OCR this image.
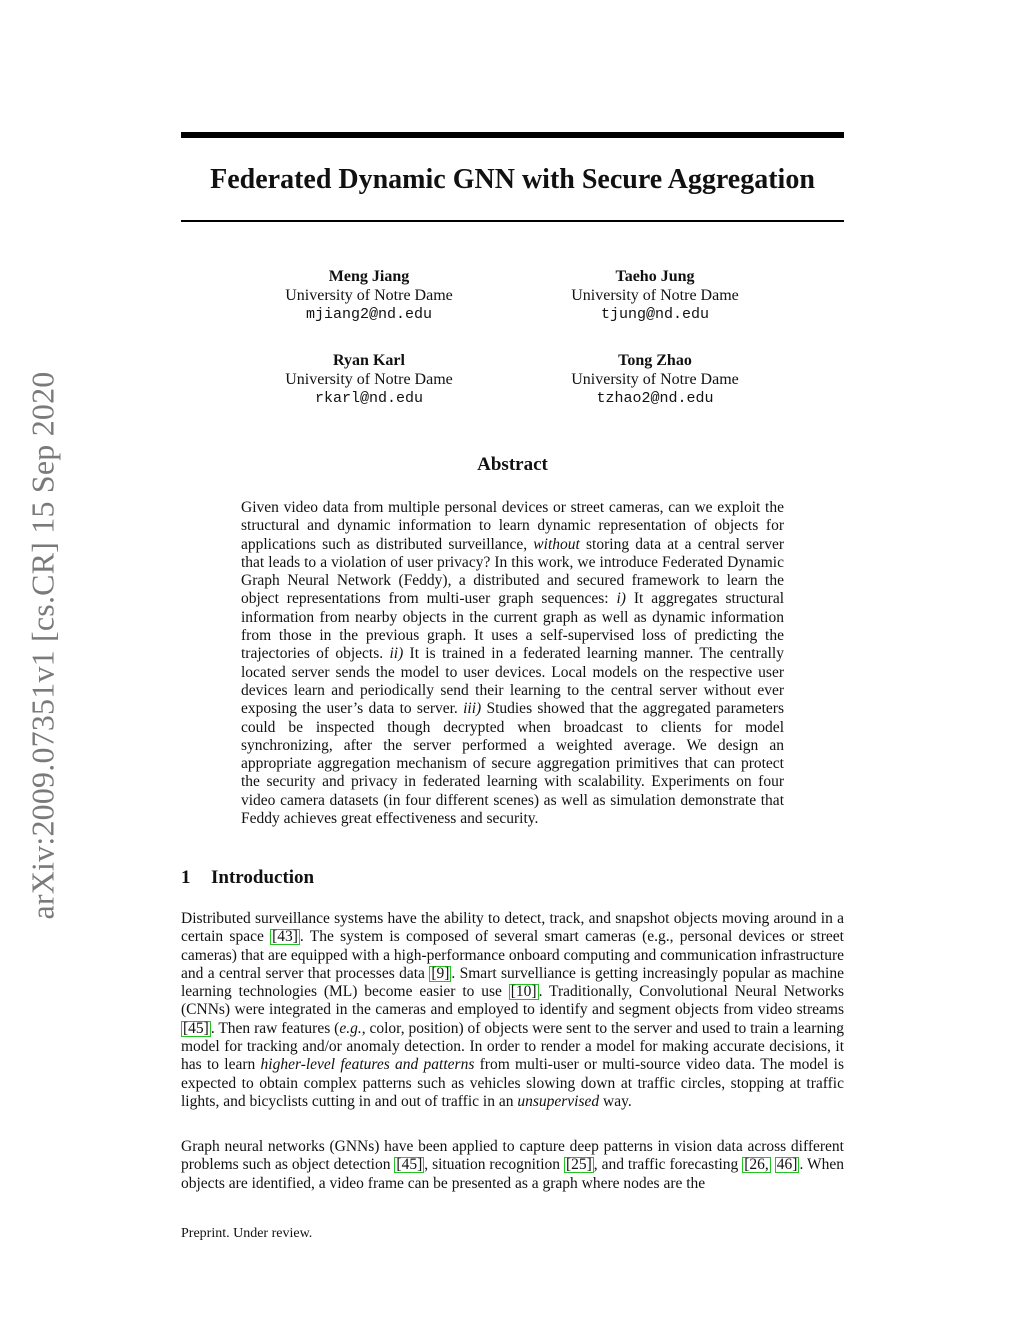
arXiv:2009.07351v1 [cs.CR] 15 Sep 2020
Federated Dynamic GNN with Secure Aggregation
Meng Jiang
University of Notre Dame
mjiang2@nd.edu
Taeho Jung
University of Notre Dame
tjung@nd.edu
Ryan Karl
University of Notre Dame
rkarl@nd.edu
Tong Zhao
University of Notre Dame
tzhao2@nd.edu
Abstract

Given video data from multiple personal devices or street cameras, can we exploit the structural and dynamic information to learn dynamic representation of objects for applications such as distributed surveillance, without storing data at a central server that leads to a violation of user privacy? In this work, we introduce Federated Dynamic Graph Neural Network (Feddy), a distributed and secured framework to learn the object representations from multi-user graph sequences: i) It aggregates structural information from nearby objects in the current graph as well as dynamic information from those in the previous graph. It uses a self-supervised loss of predicting the trajectories of objects. ii) It is trained in a federated learning manner. The centrally located server sends the model to user devices. Local models on the respective user devices learn and periodically send their learning to the central server without ever exposing the user’s data to server. iii) Studies showed that the aggregated parameters could be inspected though decrypted when broadcast to clients for model synchronizing, after the server performed a weighted average. We design an appropriate aggregation mechanism of secure aggregation primitives that can protect the security and privacy in federated learning with scalability. Experiments on four video camera datasets (in four different scenes) as well as simulation demonstrate that Feddy achieves great effectiveness and security.

1 Introduction

Distributed surveillance systems have the ability to detect, track, and snapshot objects moving around in a certain space [43] . The system is composed of several smart cameras (e.g., personal devices or street cameras) that are equipped with a high-performance onboard computing and communication infrastructure and a central server that processes data [9] . Smart survelliance is getting increasingly popular as machine learning technologies (ML) become easier to use [10] . Traditionally, Convolutional Neural Networks (CNNs) were integrated in the cameras and employed to identify and segment objects from video streams [45] . Then raw features (e.g., color, position) of objects were sent to the server and used to train a learning model for tracking and/or anomaly detection. In order to render a model for making accurate decisions, it has to learn higher-level features and patterns from multi-user or multi-source video data. The model is expected to obtain complex patterns such as vehicles slowing down at traffic circles, stopping at traffic lights, and bicyclists cutting in and out of traffic in an unsupervised way.

Graph neural networks (GNNs) have been applied to capture deep patterns in vision data across different problems such as object detection [45] , situation recognition [25] , and traffic forecasting [26, 46] . When objects are identified, a video frame can be presented as a graph where nodes are the

Preprint. Under review.
